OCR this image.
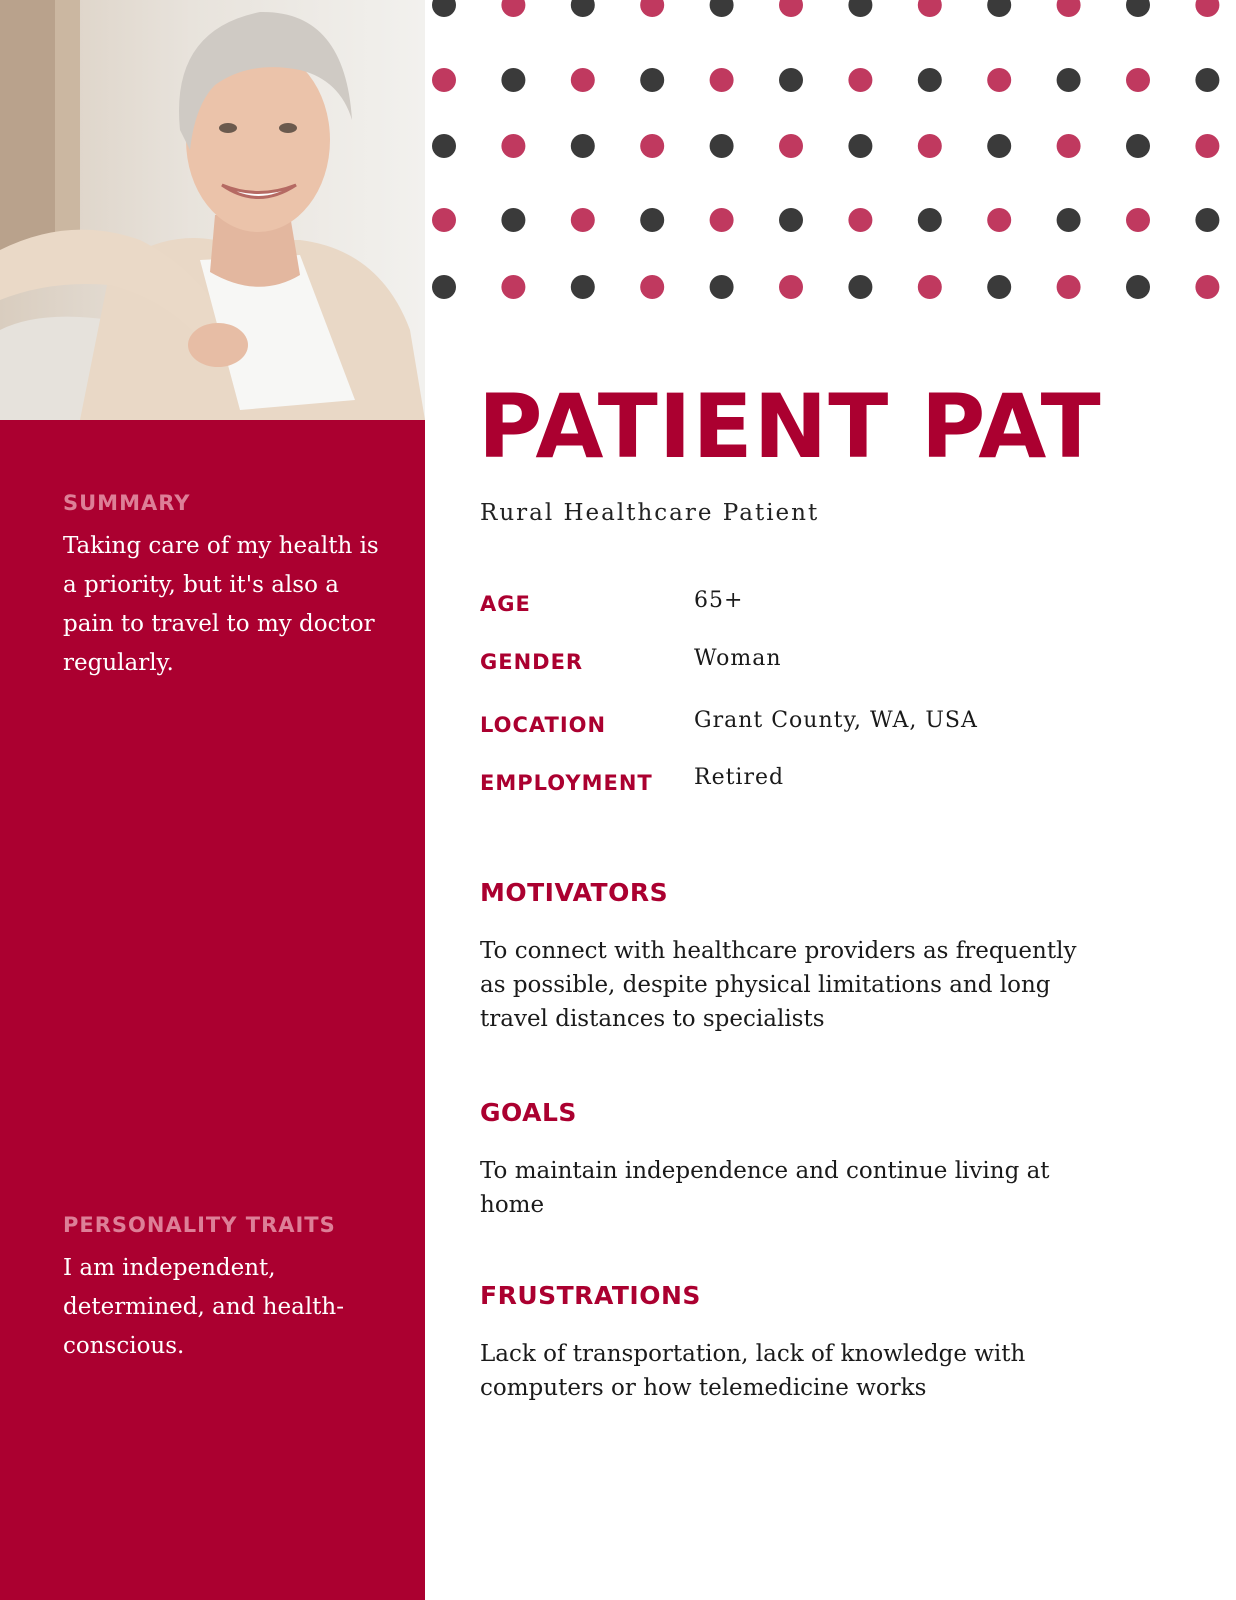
SUMMARY

Taking care of my health is a priority, but it's also a pain to travel to my doctor regularly.

PERSONALITY TRAITS

I am independent, determined, and health-conscious.

PATIENT PAT

Rural Healthcare Patient

AGE	65+

GENDER	Woman

LOCATION	Grant County, WA, USA

EMPLOYMENT Retired

MOTIVATORS

To connect with healthcare providers as frequently as possible, despite physical limitations and long travel distances to specialists

GOALS

To maintain independence and continue living at home

FRUSTRATIONS

Lack of transportation, lack of knowledge with computers or how telemedicine works
